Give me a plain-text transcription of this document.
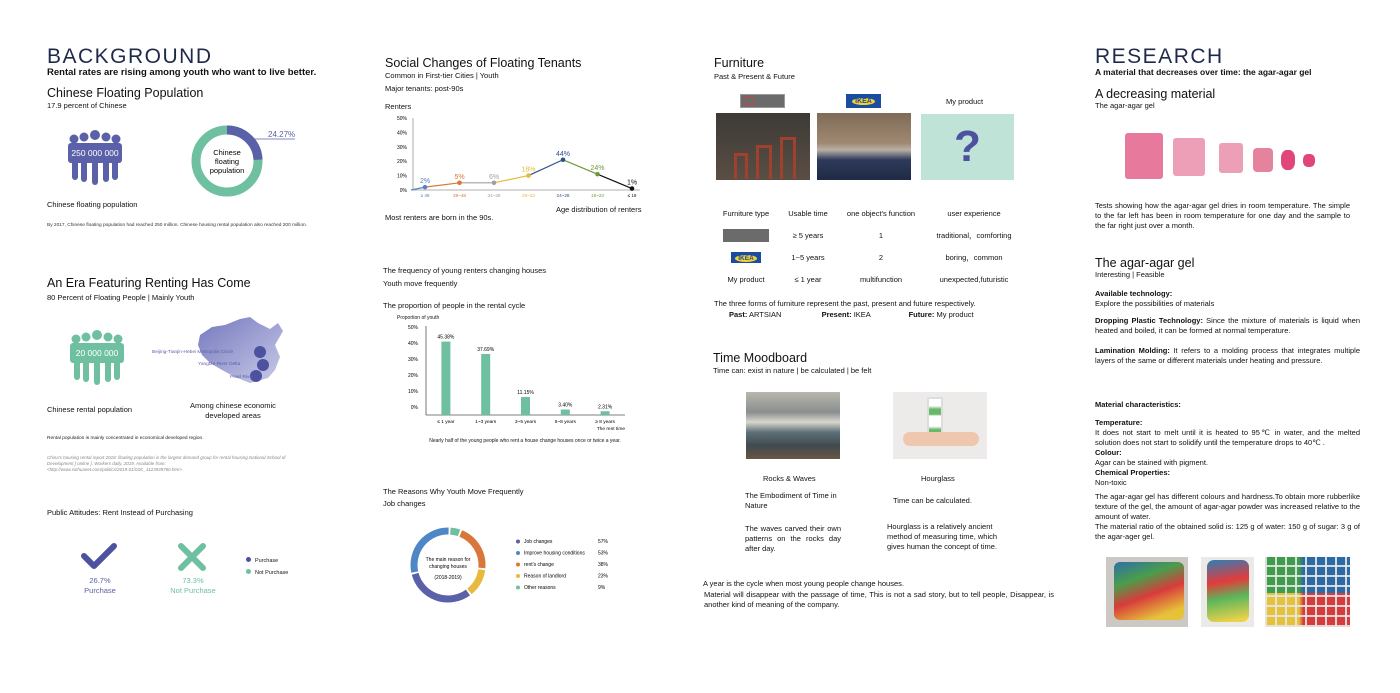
BACKGROUND
Rental rates are rising among youth who want to live better.
Chinese Floating Population
17.9 percent of Chinese
250 000 000
Chinese floating population
24.27%
Chinese
floating
population
By 2017, Chinese floating population had reached 250 million. Chinese housing rental population also reached 200 million.
An Era Featuring Renting Has Come
80 Percent of Floating People | Mainly Youth
20 000 000
Chinese rental population
Beijing-Tianjin-Hebei Metropolis Circle
Yangtze River Delta
Pearl River
Among chinese economic
developed areas
Rental population is mainly concentrated in economical developed region.
China's housing rental report 2018: floating population is the largest demand group for rental housing.National School of
Development [ online ]. Workers daily, 2019. Available from:
<http://www.xinhuanet.com/politics/2019-01/03/c_1123939760.htm>
Public Attitudes: Rent Instead of Purchasing
26.7%
Purchase
73.3%
Not Purchase
Purchase
Not Purchase
Social Changes of Floating Tenants
Common in First-tier Cities | Youth
Major tenants: post-90s
Renters
0%
10%
20%
30%
40%
50%
2%
≥ 49
5%
39~48
6%
34~38
18%
29~33
44%
24~28
24%
19~23
1%
≤ 18
Age distribution of renters
Most renters are born in the 90s.
The frequency of young renters changing houses
Youth move frequently
The proportion of people in the rental cycle
Proportion of youth
0%
10%
20%
30%
40%
50%
45.38%
≤ 1 year
37.69%
1~3 years
11.15%
3~5 years
3.40%
5~8 years
2.31%
≥ 8 years
The rent time
Nearly half of the young people who rent a house change houses once or twice a year.
The Reasons Why Youth Move Frequently
Job changes
The main reason for
changing houses
(2018-2019)
Job changes	57%
Improve housing conditions	53%
rent's change	38%
Reason of landlord	23%
Other reasons	9%
Furniture
Past & Present & Future
IKEA	My product
?
Furniture type	Usable time	one object's function	user experience
	≥ 5 years	1	traditional，comforting
IKEA	1~5 years	2	boring，common
My product	≤ 1 year	multifunction	unexpected,futuristic
The three forms of furniture represent the past, present and future respectively.
Past: ARTSIAN	Present: IKEA	Future: My product
Time Moodboard
Time can: exist in nature | be calculated | be felt
Rocks & Waves	Hourglass
The Embodiment of Time in Nature
Time can be calculated.
The waves carved their own patterns on the rocks day after day.
Hourglass is a relatively ancient method of measuring time, which gives human the concept of time.
A year is the cycle when most young people change houses.
Material will disappear with the passage of time, This is not a sad story, but to tell people, Disappear, is another kind of meaning of the company.
RESEARCH
A material that decreases over time: the agar-agar gel
A decreasing material
The agar-agar gel
Tests showing how the agar-agar gel dries in room temperature. The simple to the far left has been in room temperature for one day and the sample to the far right just over a month.
The agar-agar gel
Interesting | Feasible
Available technology:
Explore the possibilities of materials
Dropping Plastic Technology: Since the mixture of materials is liquid when heated and boiled, it can be formed at normal temperature.
Lamination Molding: It refers to a molding process that integrates multiple layers of the same or different materials under heating and pressure.
Material characteristics:
Temperature:
It does not start to melt until it is heated to 95℃ in water, and the melted solution does not start to solidify until the temperature drops to 40℃ .
Colour:
Agar can be stained with pigment.
Chemical Properties:
Non-toxic
The agar-agar gel has different colours and hardness.To obtain more rubberlike texture of the gel, the amount of agar-agar powder was increased relative to the amount of water.
The material ratio of the obtained solid is: 125 g of water: 150 g of sugar: 3 g of the agar-ager gel.
